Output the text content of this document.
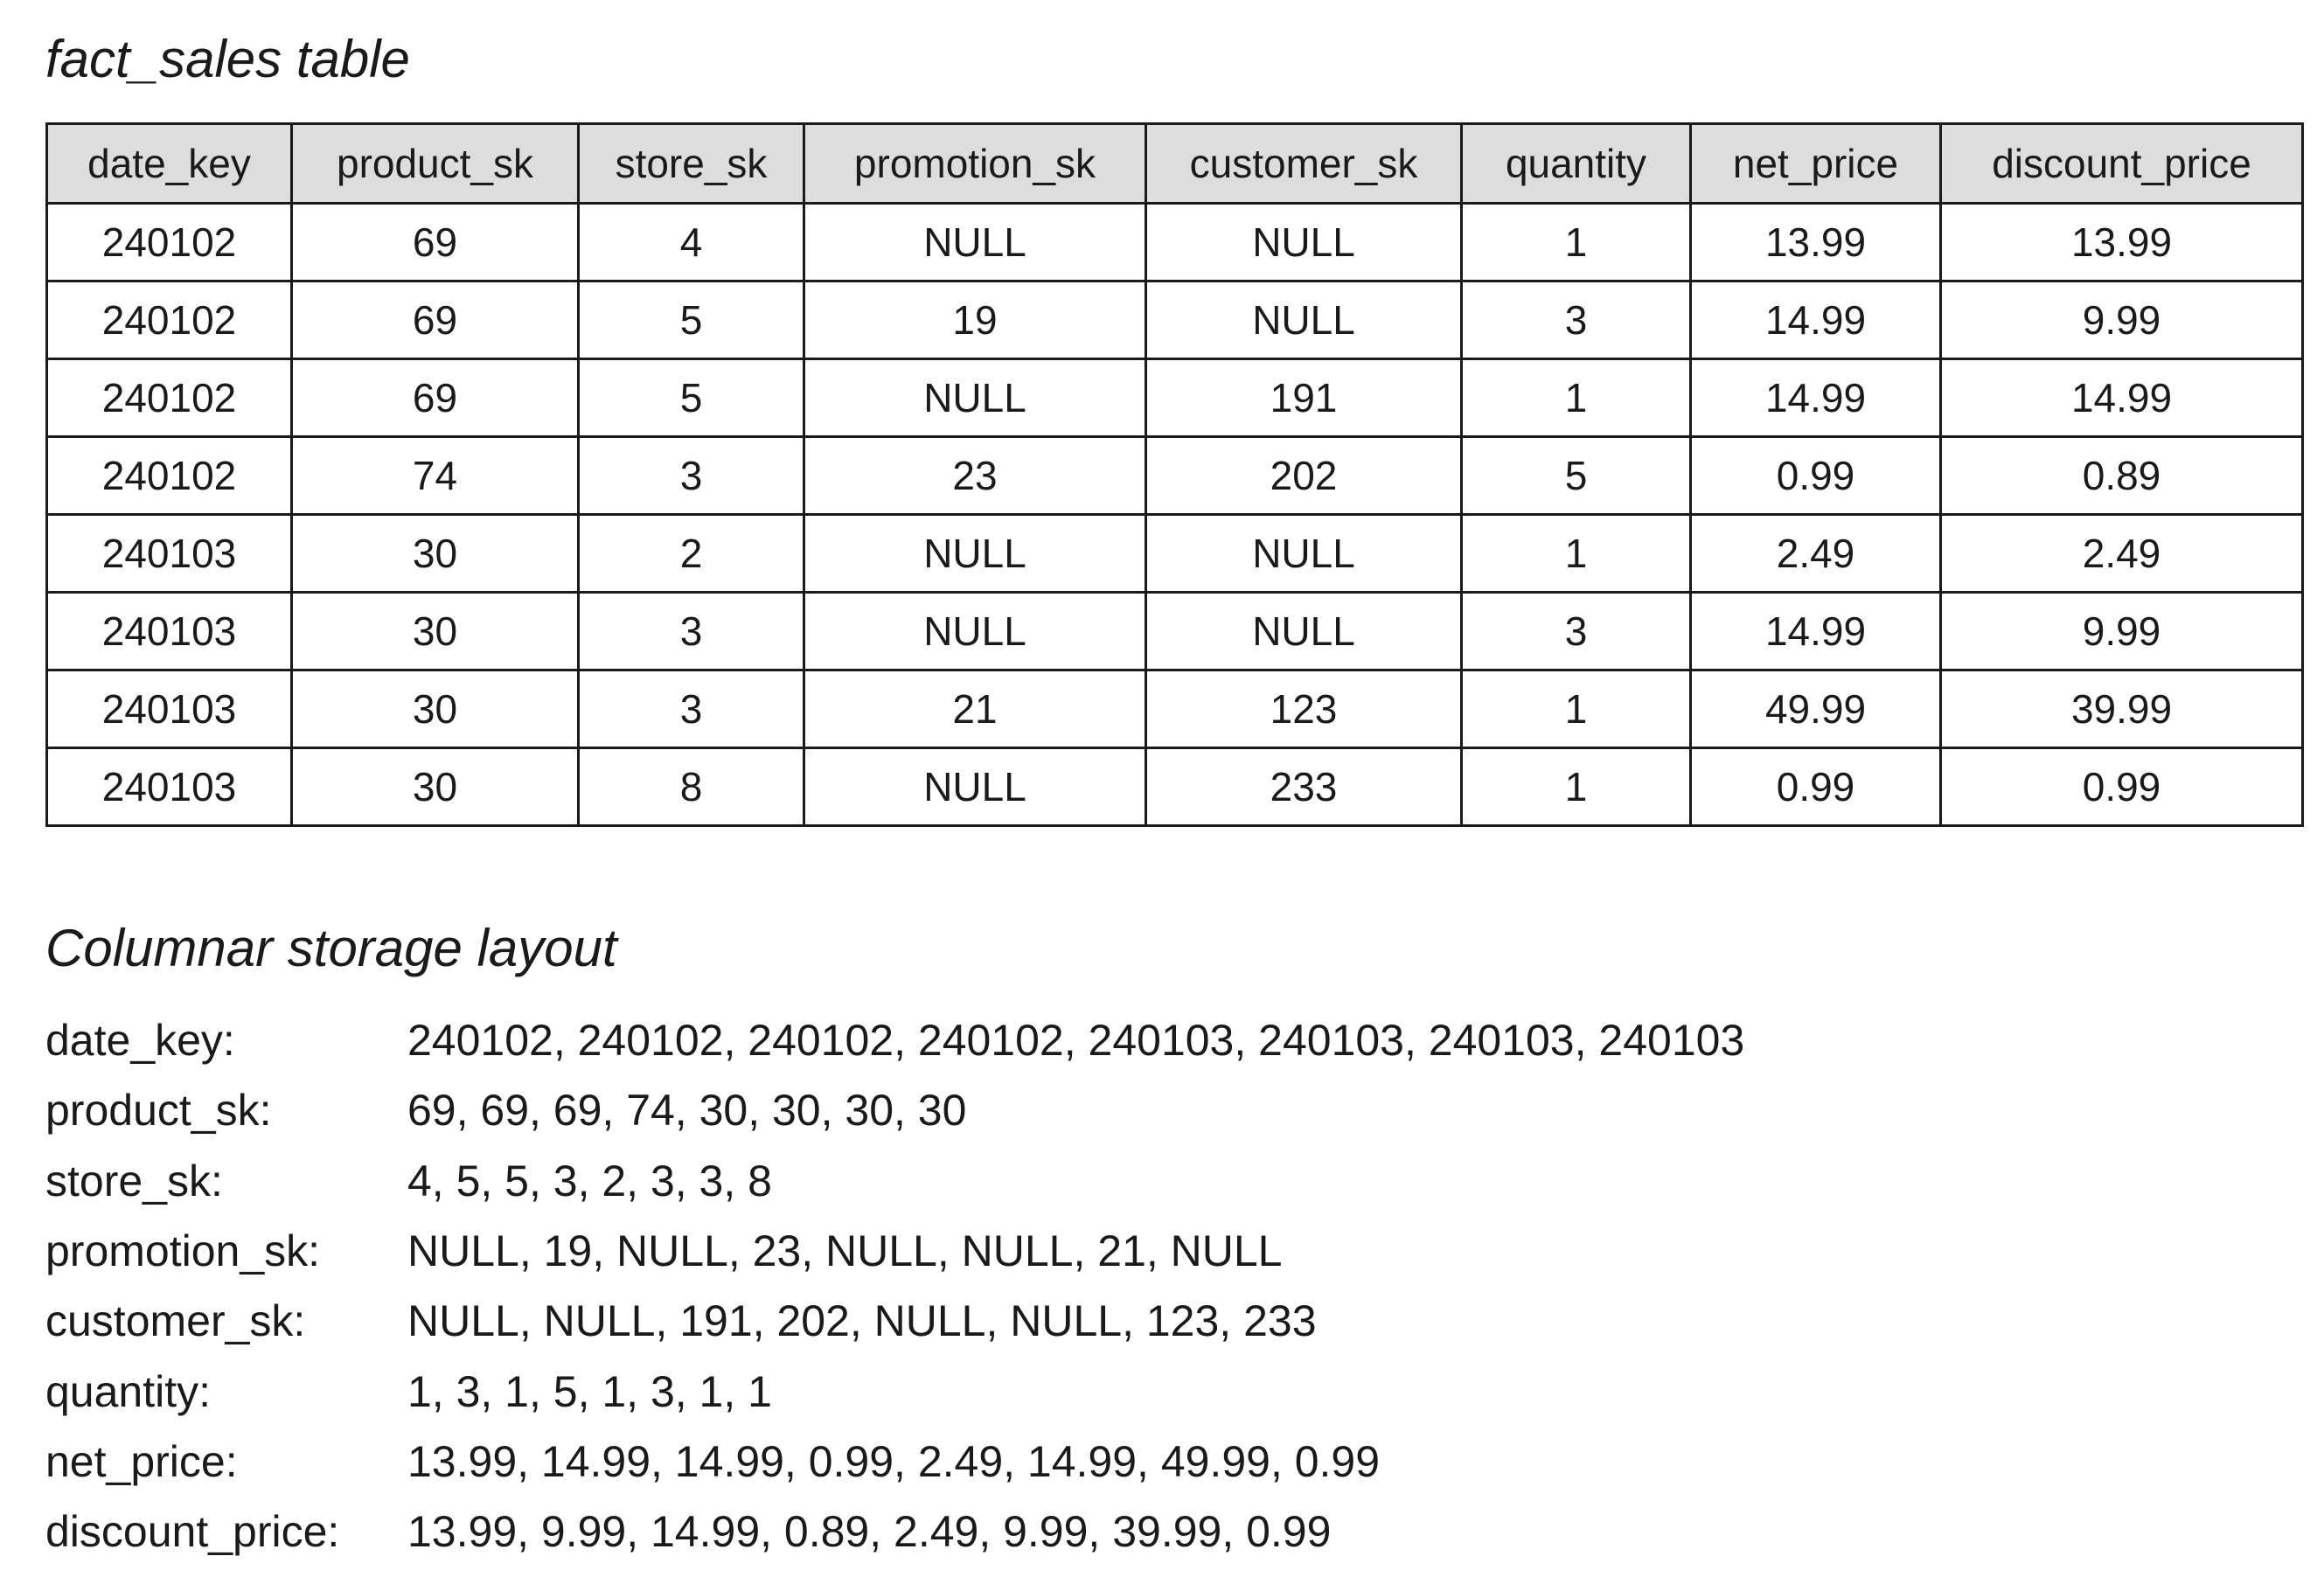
fact_sales table
date_key	product_sk	store_sk	promotion_sk	customer_sk	quantity	net_price	discount_price
240102	69	4	NULL	NULL	1	13.99	13.99
240102	69	5	19	NULL	3	14.99	9.99
240102	69	5	NULL	191	1	14.99	14.99
240102	74	3	23	202	5	0.99	0.89
240103	30	2	NULL	NULL	1	2.49	2.49
240103	30	3	NULL	NULL	3	14.99	9.99
240103	30	3	21	123	1	49.99	39.99
240103	30	8	NULL	233	1	0.99	0.99
Columnar storage layout
date_key:	240102, 240102, 240102, 240102, 240103, 240103, 240103, 240103
product_sk:	69, 69, 69, 74, 30, 30, 30, 30
store_sk:	4, 5, 5, 3, 2, 3, 3, 8
promotion_sk:	NULL, 19, NULL, 23, NULL, NULL, 21, NULL
customer_sk:	NULL, NULL, 191, 202, NULL, NULL, 123, 233
quantity:	1, 3, 1, 5, 1, 3, 1, 1
net_price:	13.99, 14.99, 14.99, 0.99, 2.49, 14.99, 49.99, 0.99
discount_price:	13.99, 9.99, 14.99, 0.89, 2.49, 9.99, 39.99, 0.99
